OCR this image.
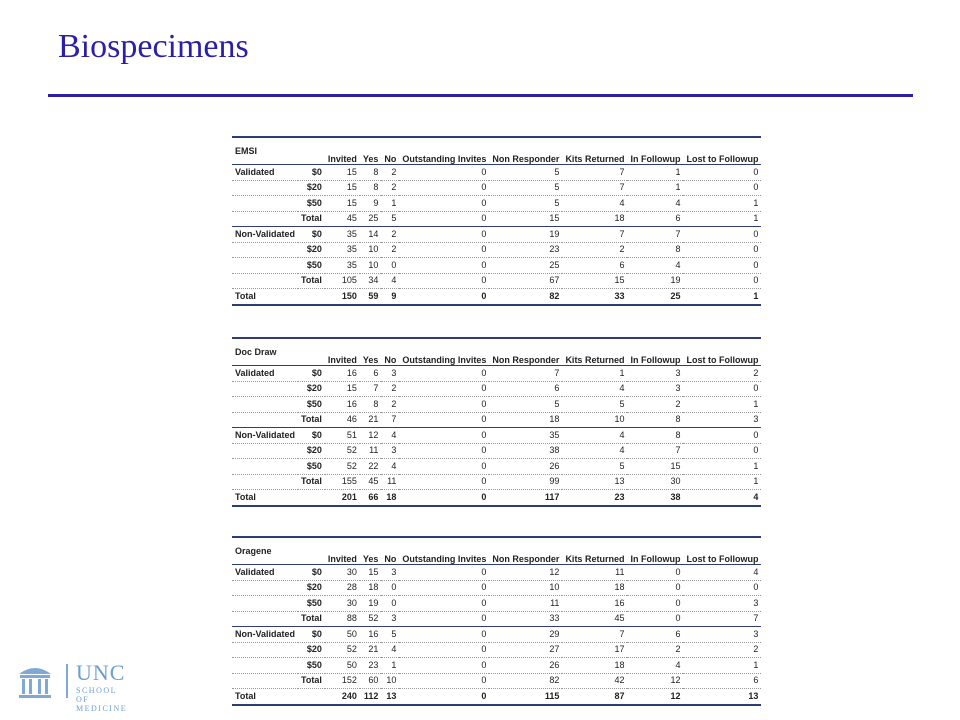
Biospecimens
EMSI		Invited	Yes	No	Outstanding Invites	Non Responder	Kits Returned	In Followup	Lost to Followup
Validated	$0	15	8	2	0	5	7	1	0
	$20	15	8	2	0	5	7	1	0
	$50	15	9	1	0	5	4	4	1
	Total	45	25	5	0	15	18	6	1
Non-Validated	$0	35	14	2	0	19	7	7	0
	$20	35	10	2	0	23	2	8	0
	$50	35	10	0	0	25	6	4	0
	Total	105	34	4	0	67	15	19	0
Total		150	59	9	0	82	33	25	1
Doc Draw		Invited	Yes	No	Outstanding Invites	Non Responder	Kits Returned	In Followup	Lost to Followup
Validated	$0	16	6	3	0	7	1	3	2
	$20	15	7	2	0	6	4	3	0
	$50	16	8	2	0	5	5	2	1
	Total	46	21	7	0	18	10	8	3
Non-Validated	$0	51	12	4	0	35	4	8	0
	$20	52	11	3	0	38	4	7	0
	$50	52	22	4	0	26	5	15	1
	Total	155	45	11	0	99	13	30	1
Total		201	66	18	0	117	23	38	4
Oragene		Invited	Yes	No	Outstanding Invites	Non Responder	Kits Returned	In Followup	Lost to Followup
Validated	$0	30	15	3	0	12	11	0	4
	$20	28	18	0	0	10	18	0	0
	$50	30	19	0	0	11	16	0	3
	Total	88	52	3	0	33	45	0	7
Non-Validated	$0	50	16	5	0	29	7	6	3
	$20	52	21	4	0	27	17	2	2
	$50	50	23	1	0	26	18	4	1
	Total	152	60	10	0	82	42	12	6
Total		240	112	13	0	115	87	12	13
UNC
SCHOOL OF MEDICINE
